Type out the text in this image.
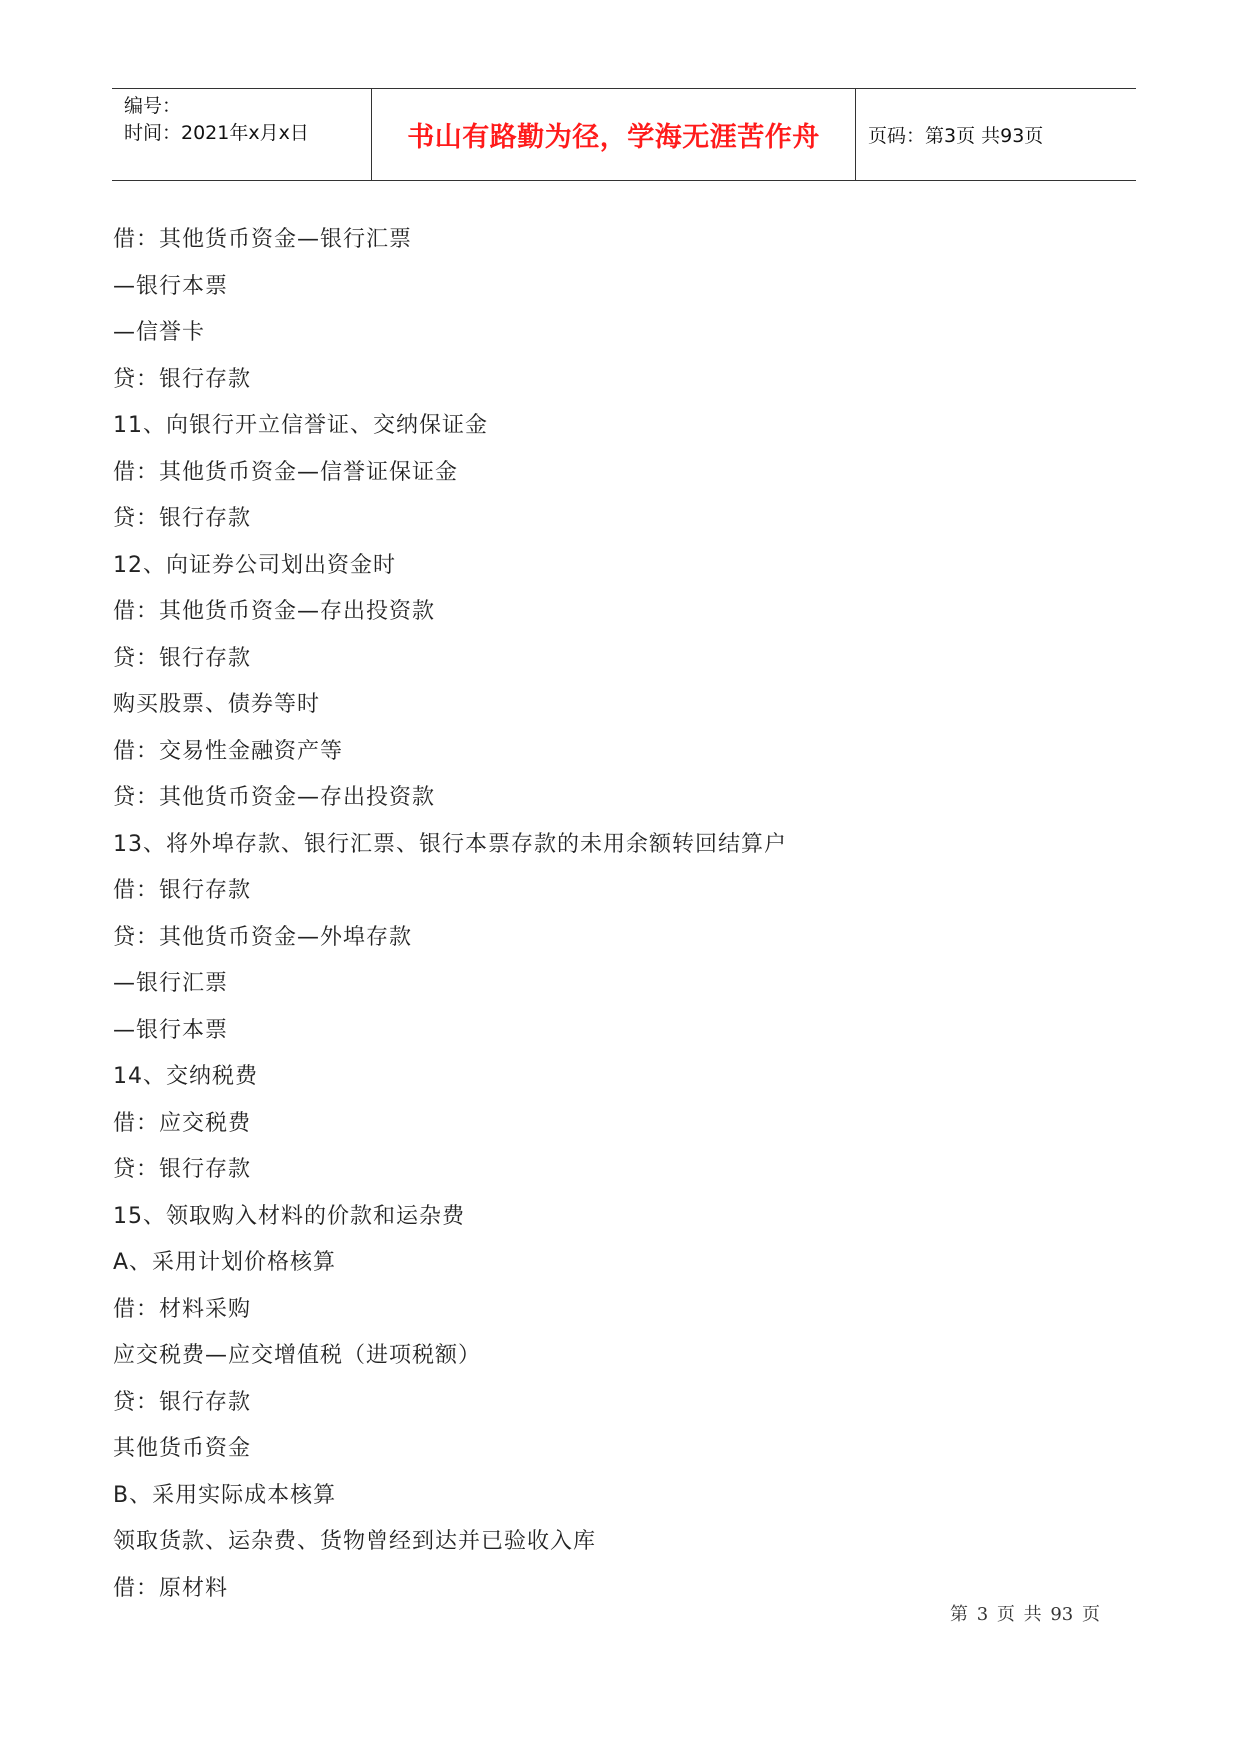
编号：
时间：2021年x月x日	书山有路勤为径，学海无涯苦作舟	页码：第3页 共93页
借：其他货币资金—银行汇票
—银行本票
—信誉卡
贷：银行存款
11、向银行开立信誉证、交纳保证金
借：其他货币资金—信誉证保证金
贷：银行存款
12、向证券公司划出资金时
借：其他货币资金—存出投资款
贷：银行存款
购买股票、债券等时
借：交易性金融资产等
贷：其他货币资金—存出投资款
13、将外埠存款、银行汇票、银行本票存款的未用余额转回结算户
借：银行存款
贷：其他货币资金—外埠存款
—银行汇票
—银行本票
14、交纳税费
借：应交税费
贷：银行存款
15、领取购入材料的价款和运杂费
A、采用计划价格核算
借：材料采购
应交税费—应交增值税（进项税额）
贷：银行存款
其他货币资金
B、采用实际成本核算
领取货款、运杂费、货物曾经到达并已验收入库
借：原材料
第 3 页 共 93 页
